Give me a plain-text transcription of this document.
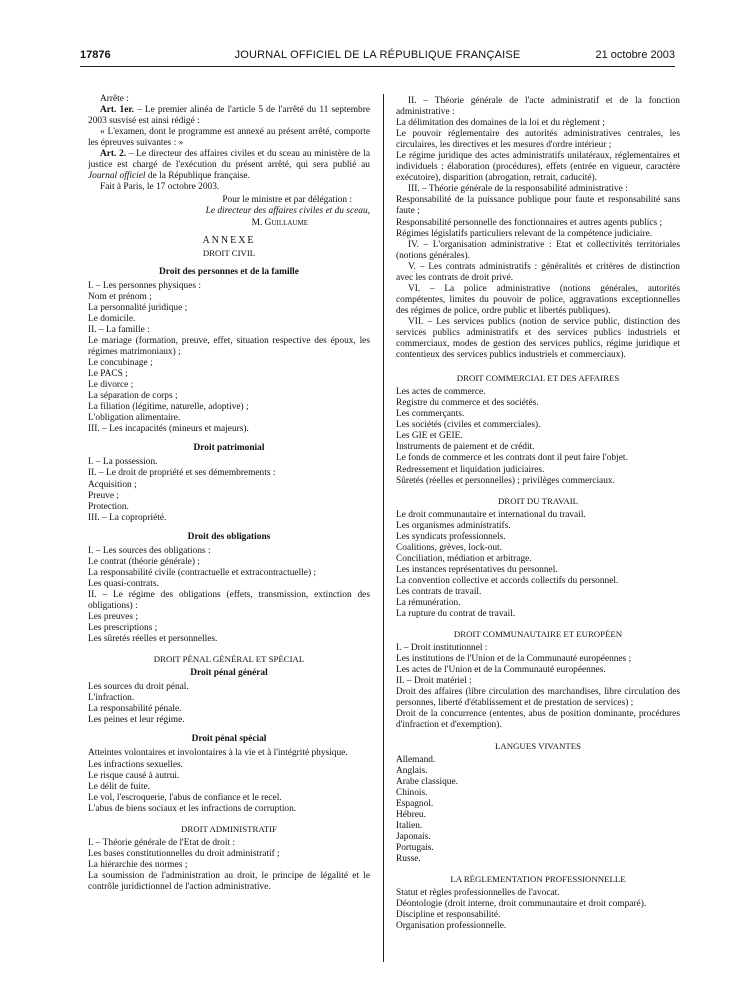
17876	JOURNAL OFFICIEL DE LA RÉPUBLIQUE FRANÇAISE	21 octobre 2003

Arrête :

Art. 1er. – Le premier alinéa de l'article 5 de l'arrêté du 11 septembre 2003 susvisé est ainsi rédigé :

« L'examen, dont le programme est annexé au présent arrêté, comporte les épreuves suivantes : »

Art. 2. – Le directeur des affaires civiles et du sceau au ministère de la justice est chargé de l'exécution du présent arrêté, qui sera publié au Journal officiel de la République française.

Fait à Paris, le 17 octobre 2003.

Pour le ministre et par délégation :

Le directeur des affaires civiles et du sceau,

M. Guillaume

ANNEXE

DROIT CIVIL

Droit des personnes et de la famille

I. – Les personnes physiques :

Nom et prénom ;

La personnalité juridique ;

Le domicile.

II. – La famille :

Le mariage (formation, preuve, effet, situation respective des époux, les régimes matrimoniaux) ;

Le concubinage ;

Le PACS ;

Le divorce ;

La séparation de corps ;

La filiation (légitime, naturelle, adoptive) ;

L'obligation alimentaire.

III. – Les incapacités (mineurs et majeurs).

Droit patrimonial

I. – La possession.

II. – Le droit de propriété et ses démembrements :

Acquisition ;

Preuve ;

Protection.

III. – La copropriété.

Droit des obligations

I. – Les sources des obligations :

Le contrat (théorie générale) ;

La responsabilité civile (contractuelle et extracontractuelle) ;

Les quasi-contrats.

II. – Le régime des obligations (effets, transmission, extinction des obligations) :

Les preuves ;

Les prescriptions ;

Les sûretés réelles et personnelles.

DROIT PÉNAL GÉNÉRAL ET SPÉCIAL

Droit pénal général

Les sources du droit pénal.

L'infraction.

La responsabilité pénale.

Les peines et leur régime.

Droit pénal spécial

Atteintes volontaires et involontaires à la vie et à l'intégrité physique.

Les infractions sexuelles.

Le risque causé à autrui.

Le délit de fuite.

Le vol, l'escroquerie, l'abus de confiance et le recel.

L'abus de biens sociaux et les infractions de corruption.

DROIT ADMINISTRATIF

I. – Théorie générale de l'Etat de droit :

Les bases constitutionnelles du droit administratif ;

La hiérarchie des normes ;

La soumission de l'administration au droit, le principe de légalité et le contrôle juridictionnel de l'action administrative.

II. – Théorie générale de l'acte administratif et de la fonction administrative :

La délimitation des domaines de la loi et du règlement ;

Le pouvoir réglementaire des autorités administratives centrales, les circulaires, les directives et les mesures d'ordre intérieur ;

Le régime juridique des actes administratifs unilatéraux, réglementaires et individuels : élaboration (procédures), effets (entrée en vigueur, caractère exécutoire), disparition (abrogation, retrait, caducité).

III. – Théorie générale de la responsabilité administrative :

Responsabilité de la puissance publique pour faute et responsabilité sans faute ;

Responsabilité personnelle des fonctionnaires et autres agents publics ;

Régimes législatifs particuliers relevant de la compétence judiciaire.

IV. – L'organisation administrative : Etat et collectivités territoriales (notions générales).

V. – Les contrats administratifs : généralités et critères de distinction avec les contrats de droit privé.

VI. – La police administrative (notions générales, autorités compétentes, limites du pouvoir de police, aggravations exceptionnelles des régimes de police, ordre public et libertés publiques).

VII. – Les services publics (notion de service public, distinction des services publics administratifs et des services publics industriels et commerciaux, modes de gestion des services publics, régime juridique et contentieux des services publics industriels et commerciaux).

DROIT COMMERCIAL ET DES AFFAIRES

Les actes de commerce.

Registre du commerce et des sociétés.

Les commerçants.

Les sociétés (civiles et commerciales).

Les GIE et GEIE.

Instruments de paiement et de crédit.

Le fonds de commerce et les contrats dont il peut faire l'objet.

Redressement et liquidation judiciaires.

Sûretés (réelles et personnelles) ; privilèges commerciaux.

DROIT DU TRAVAIL

Le droit communautaire et international du travail.

Les organismes administratifs.

Les syndicats professionnels.

Coalitions, grèves, lock-out.

Conciliation, médiation et arbitrage.

Les instances représentatives du personnel.

La convention collective et accords collectifs du personnel.

Les contrats de travail.

La rémunération.

La rupture du contrat de travail.

DROIT COMMUNAUTAIRE ET EUROPÉEN

I. – Droit institutionnel :

Les institutions de l'Union et de la Communauté européennes ;

Les actes de l'Union et de la Communauté européennes.

II. – Droit matériel :

Droit des affaires (libre circulation des marchandises, libre circulation des personnes, liberté d'établissement et de prestation de services) ;

Droit de la concurrence (ententes, abus de position dominante, procédures d'infraction et d'exemption).

LANGUES VIVANTES

Allemand.

Anglais.

Arabe classique.

Chinois.

Espagnol.

Hébreu.

Italien.

Japonais.

Portugais.

Russe.

LA RÉGLEMENTATION PROFESSIONNELLE

Statut et règles professionnelles de l'avocat.

Déontologie (droit interne, droit communautaire et droit comparé).

Discipline et responsabilité.

Organisation professionnelle.
